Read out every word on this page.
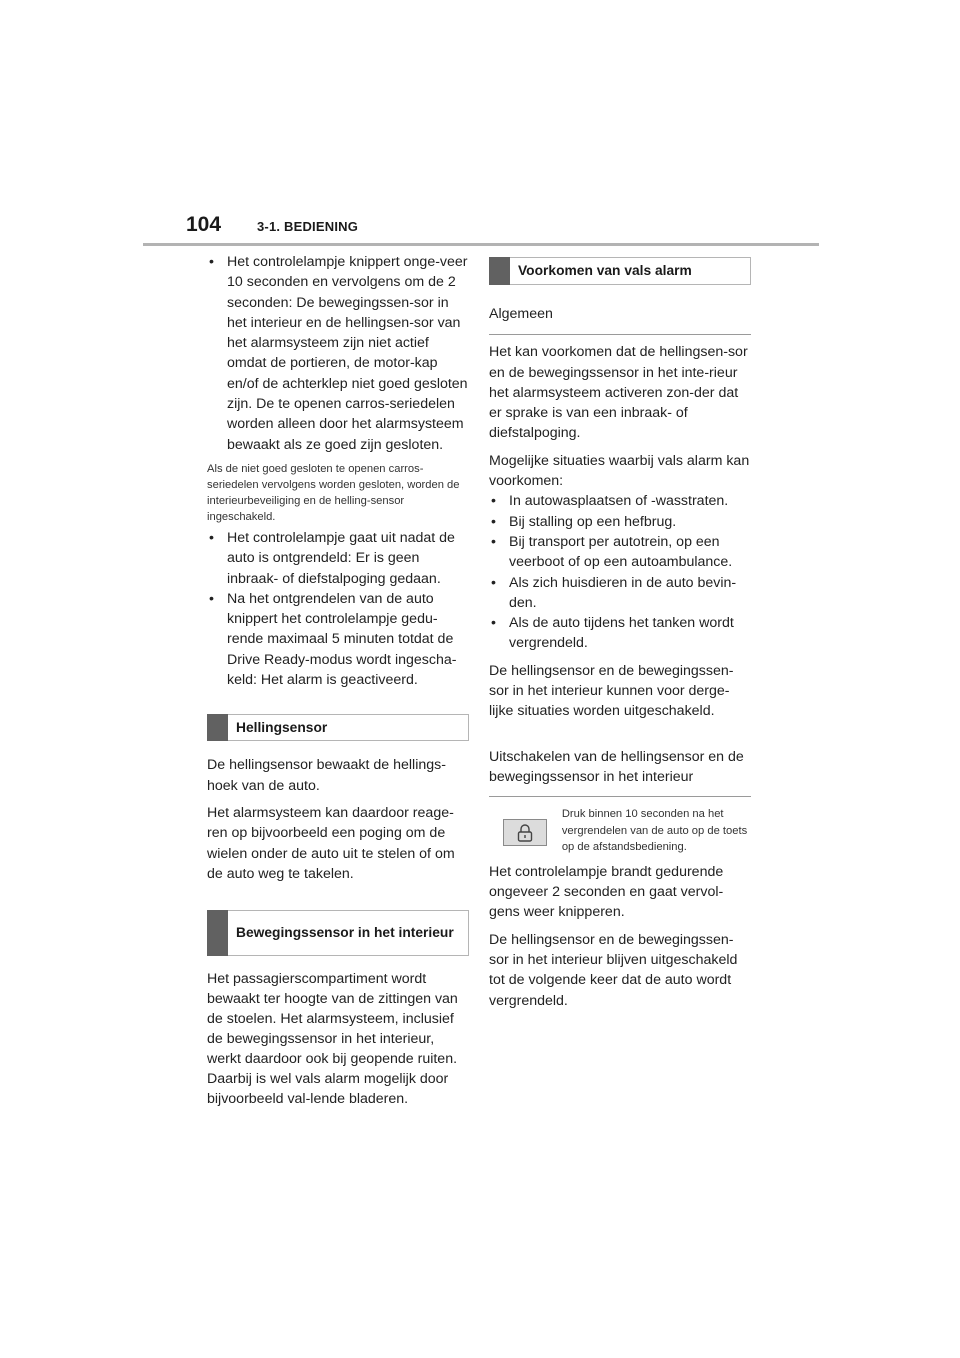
104	3-1. BEDIENING
• Het controlelampje knippert onge-veer 10 seconden en vervolgens om de 2 seconden: De bewegingssen-sor in het interieur en de hellingsen-sor van het alarmsysteem zijn niet actief omdat de portieren, de motor-kap en/of de achterklep niet goed gesloten zijn. De te openen carros-seriedelen worden alleen door het alarmsysteem bewaakt als ze goed zijn gesloten.
Als de niet goed gesloten te openen carros-seriedelen vervolgens worden gesloten, worden de interieurbeveiliging en de helling-sensor ingeschakeld.
• Het controlelampje gaat uit nadat de auto is ontgrendeld: Er is geen inbraak- of diefstalpoging gedaan.
• Na het ontgrendelen van de auto knippert het controlelampje gedu-rende maximaal 5 minuten totdat de Drive Ready-modus wordt ingescha-keld: Het alarm is geactiveerd.
Hellingsensor

De hellingsensor bewaakt de hellings-hoek van de auto.

Het alarmsysteem kan daardoor reage-ren op bijvoorbeeld een poging om de wielen onder de auto uit te stelen of om de auto weg te takelen.

Bewegingssensor in het interieur

Het passagierscompartiment wordt bewaakt ter hoogte van de zittingen van de stoelen. Het alarmsysteem, inclusief de bewegingssensor in het interieur, werkt daardoor ook bij geopende ruiten. Daarbij is wel vals alarm mogelijk door bijvoorbeeld val-lende bladeren.

Voorkomen van vals alarm
Algemeen

Het kan voorkomen dat de hellingsen-sor en de bewegingssensor in het inte-rieur het alarmsysteem activeren zon-der dat er sprake is van een inbraak- of diefstalpoging.

Mogelijke situaties waarbij vals alarm kan voorkomen:

• In autowasplaatsen of -wasstraten.
• Bij stalling op een hefbrug.
• Bij transport per autotrein, op een veerboot of op een autoambulance.
• Als zich huisdieren in de auto bevin-den.
• Als de auto tijdens het tanken wordt vergrendeld.

De hellingsensor en de bewegingssen-sor in het interieur kunnen voor derge-lijke situaties worden uitgeschakeld.

Uitschakelen van de hellingsensor en de bewegingssensor in het interieur
Druk binnen 10 seconden na het vergrendelen van de auto op de toets op de afstandsbediening.

Het controlelampje brandt gedurende ongeveer 2 seconden en gaat vervol-gens weer knipperen.

De hellingsensor en de bewegingssen-sor in het interieur blijven uitgeschakeld tot de volgende keer dat de auto wordt vergrendeld.
